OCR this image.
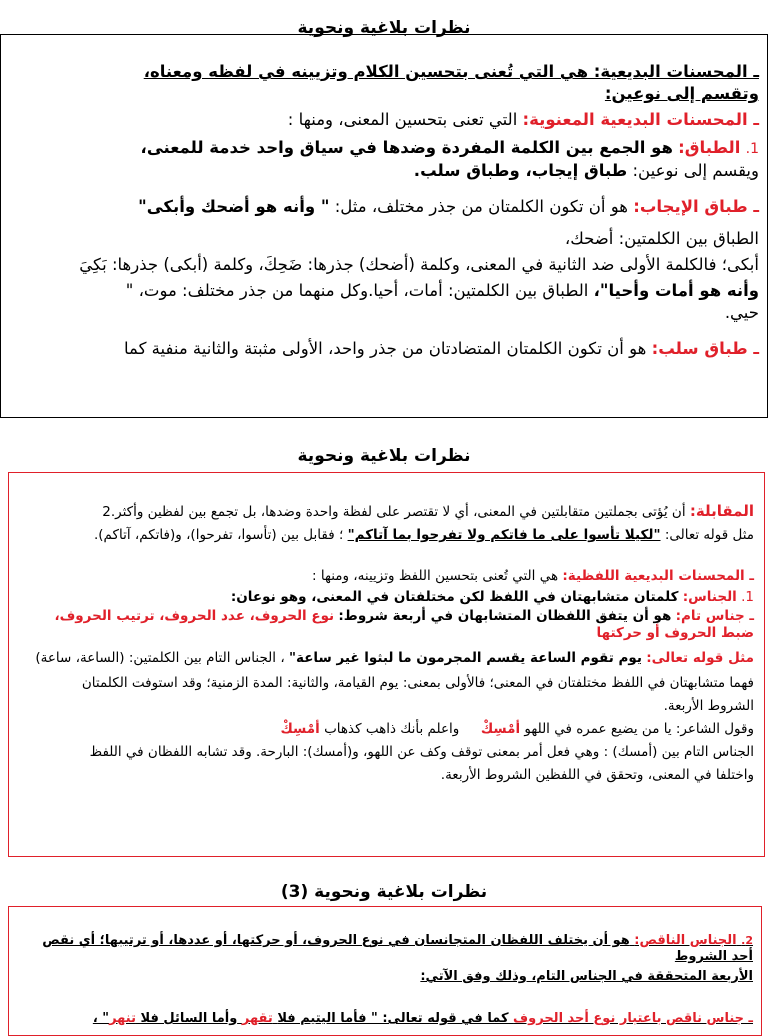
نظرات بلاغية ونحوية

ـ المحسنات البديعية: هي التي تُعنى بتحسين الكلام وتزيينه في لفظه ومعناه،

وتقسم إلى نوعين:

ـ المحسنات البديعية المعنوية: التي تعنى بتحسين المعنى، ومنها :

1. الطباق: هو الجمع بين الكلمة المفردة وضدها في سياق واحد خدمة للمعنى،

ويقسم إلى نوعين: طباق إيجاب، وطباق سلب.

ـ طباق الإيجاب: هو أن تكون الكلمتان من جذر مختلف، مثل: " وأنه هو أضحك وأبكى"

الطباق بين الكلمتين: أضحك،

أبكى؛ فالكلمة الأولى ضد الثانية في المعنى، وكلمة (أضحك) جذرها: ضَحِكَ، وكلمة (أبكى) جذرها: بَكِيَ

وأنه هو أمات وأحيا"، الطباق بين الكلمتين: أمات، أحيا.وكل منهما من جذر مختلف: موت، "

حيي.

ـ طباق سلب: هو أن تكون الكلمتان المتضادتان من جذر واحد، الأولى مثبتة والثانية منفية كما

نظرات بلاغية ونحوية

المقابلة: أن يُؤتى بجملتين متقابلتين في المعنى، أي لا تقتصر على لفظة واحدة وضدها، بل تجمع بين لفظين وأكثر.2

مثل قوله تعالى: "لكيلا تأسوا على ما فاتكم ولا تفرحوا بما آتاكم" ؛ فقابل بين (تأسوا، تفرحوا)، و(فاتكم، آتاكم).

ـ المحسنات البديعية اللفظية: هي التي تُعنى بتحسين اللفظ وتزيينه، ومنها :

1. الجناس: كلمتان متشابهتان في اللفظ لكن مختلفتان في المعنى، وهو نوعان:

ـ جناس تام: هو أن يتفق اللفظان المتشابهان في أربعة شروط: نوع الحروف، عدد الحروف، ترتيب الحروف، ضبط الحروف أو حركتها

مثل قوله تعالى: يوم تقوم الساعة يقسم المجرمون ما لبثوا غير ساعة" ، الجناس التام بين الكلمتين: (الساعة، ساعة)

فهما متشابهتان في اللفظ مختلفتان في المعنى؛ فالأولى بمعنى: يوم القيامة، والثانية: المدة الزمنية؛ وقد استوفت الكلمتان

الشروط الأربعة.

وقول الشاعر: يا من يضيع عمره في اللهو أمْسِكْ     واعلم بأنك ذاهب كذهاب أمْسِكْ

الجناس التام بين (أمسك) : وهي فعل أمر بمعنى توقف وكف عن اللهو، و(أمسك): البارحة. وقد تشابه اللفظان في اللفظ

واختلفا في المعنى، وتحقق في اللفظين الشروط الأربعة.

نظرات بلاغية ونحوية (3)

2. الجناس الناقص: هو أن يختلف اللفظان المتجانسان في نوع الحروف، أو حركتها، أو عددها، أو ترتيبها؛ أي نقص أحد الشروط

الأربعة المتحققة في الجناس التام، وذلك وفق الآتي:

ـ جناس ناقص باعتبار نوع أحد الحروف كما في قوله تعالى: " فأما اليتيم فلا تقهر وأما السائل فلا تنهر" ،
